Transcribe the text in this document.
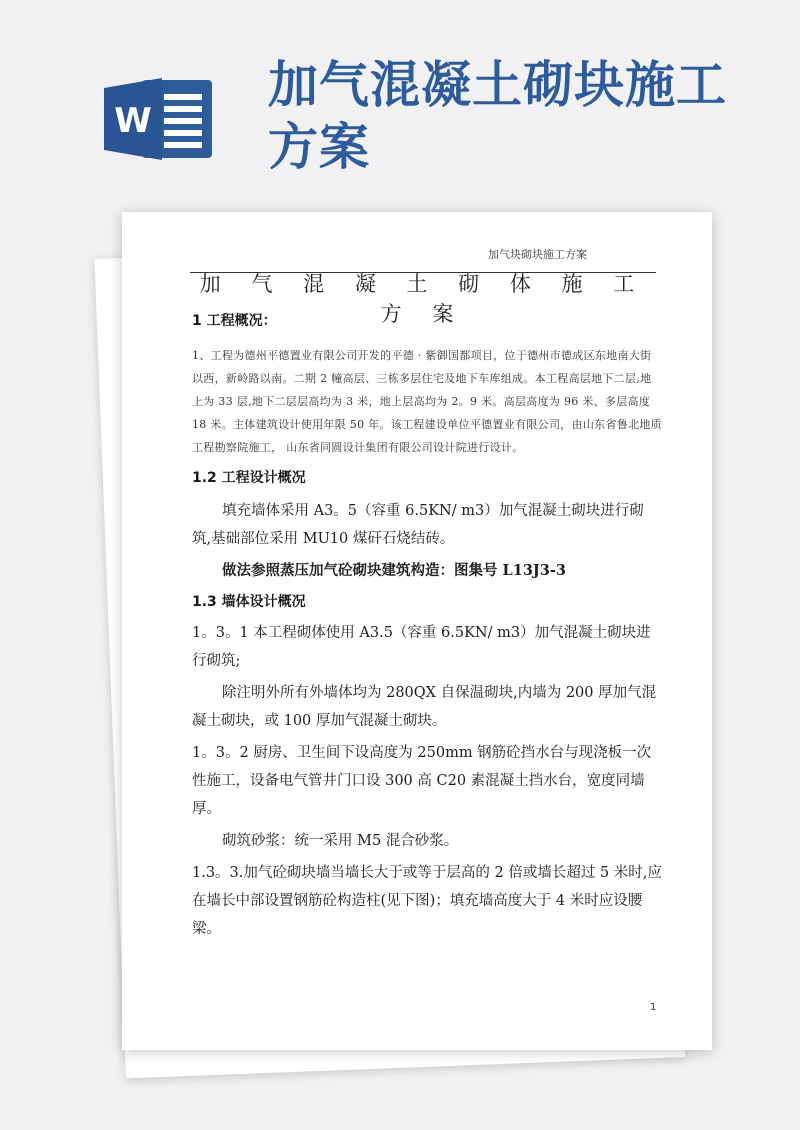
W
加气混凝土砌块施工方案
加气块砌块施工方案
加 气 混 凝 土 砌 体 施 工 方 案

1 工程概况：

1、工程为德州平德置业有限公司开发的平德 · 紫御国都项目，位于德州市德成区东地南大街以西，新岭路以南。二期 2 幢高层、三栋多层住宅及地下车库组成。本工程高层地下二层,地上为 33 层,地下二层层高均为 3 米，地上层高均为 2。9 米。高层高度为 96 米、多层高度 18 米。主体建筑设计使用年限 50 年。该工程建设单位平德置业有限公司，由山东省鲁北地质工程勘察院施工， 山东省同圆设计集团有限公司设计院进行设计。

1.2 工程设计概况

填充墙体采用 A3。5（容重 6.5KN/ m3）加气混凝土砌块进行砌筑,基础部位采用 MU10 煤矸石烧结砖。

做法参照蒸压加气砼砌块建筑构造：图集号 L13J3-3

1.3 墙体设计概况

1。3。1 本工程砌体使用 A3.5（容重 6.5KN/ m3）加气混凝土砌块进行砌筑;

除注明外所有外墙体均为 280QX 自保温砌块,内墙为 200 厚加气混凝土砌块，或 100 厚加气混凝土砌块。

1。3。2 厨房、卫生间下设高度为 250mm 钢筋砼挡水台与现浇板一次性施工，设备电气管井门口设 300 高 C20 素混凝土挡水台，宽度同墙厚。

砌筑砂浆：统一采用 M5 混合砂浆。

1.3。3.加气砼砌块墙当墙长大于或等于层高的 2 倍或墙长超过 5 米时,应在墙长中部设置钢筋砼构造柱(见下图)；填充墙高度大于 4 米时应设腰梁。

1
